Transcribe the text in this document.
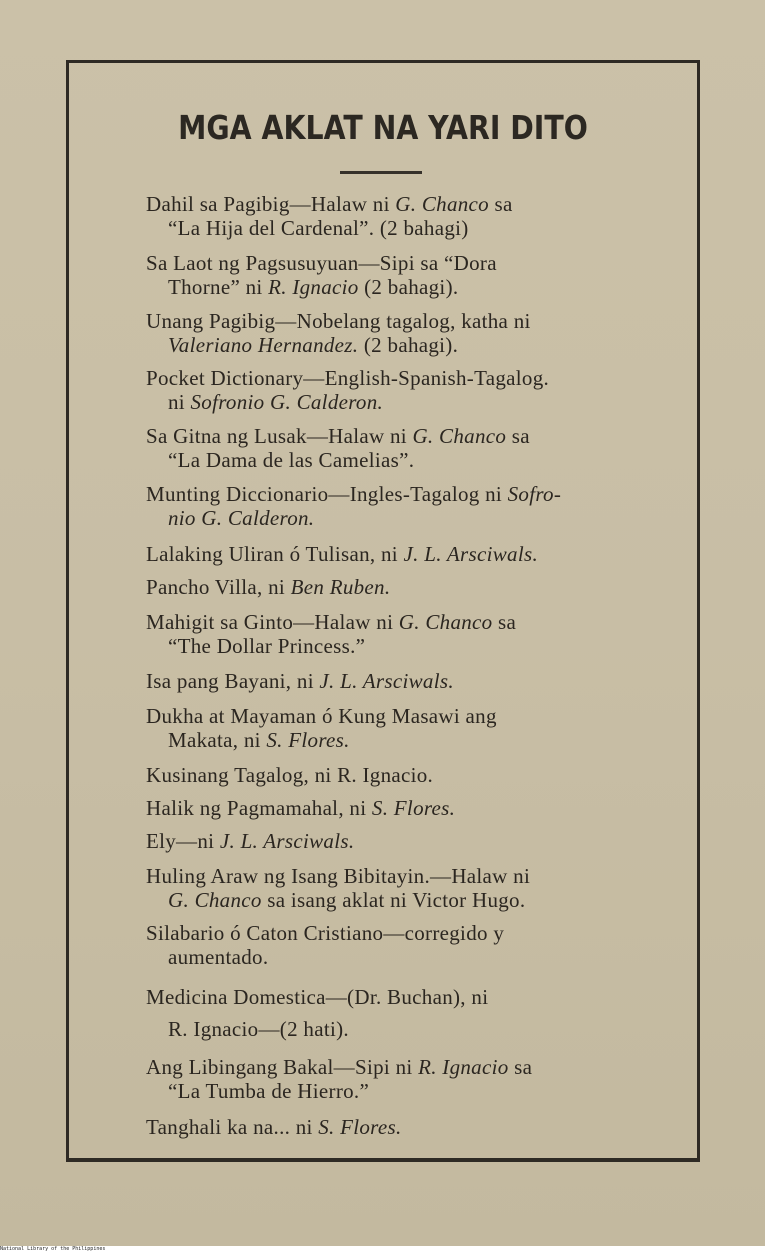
MGA AKLAT NA YARI DITO

Dahil sa Pagibig—Halaw ni G. Chanco sa
“La Hija del Cardenal”. (2 bahagi)

Sa Laot ng Pagsusuyuan—Sipi sa “Dora
Thorne” ni R. Ignacio (2 bahagi).

Unang Pagibig—Nobelang tagalog, katha ni
Valeriano Hernandez. (2 bahagi).

Pocket Dictionary—English-Spanish-Tagalog.
ni Sofronio G. Calderon.

Sa Gitna ng Lusak—Halaw ni G. Chanco sa
“La Dama de las Camelias”.

Munting Diccionario—Ingles-Tagalog ni Sofro-
nio G. Calderon.

Lalaking Uliran ó Tulisan, ni J. L. Arsciwals.

Pancho Villa, ni Ben Ruben.

Mahigit sa Ginto—Halaw ni G. Chanco sa
“The Dollar Princess.”

Isa pang Bayani, ni J. L. Arsciwals.

Dukha at Mayaman ó Kung Masawi ang
Makata, ni S. Flores.

Kusinang Tagalog, ni R. Ignacio.

Halik ng Pagmamahal, ni S. Flores.

Ely—ni J. L. Arsciwals.

Huling Araw ng Isang Bibitayin.—Halaw ni
G. Chanco sa isang aklat ni Victor Hugo.

Silabario ó Caton Cristiano—corregido y
aumentado.

Medicina Domestica—(Dr. Buchan), ni
R. Ignacio—(2 hati).

Ang Libingang Bakal—Sipi ni R. Ignacio sa
“La Tumba de Hierro.”

Tanghali ka na... ni S. Flores.

National Library of the Philippines
